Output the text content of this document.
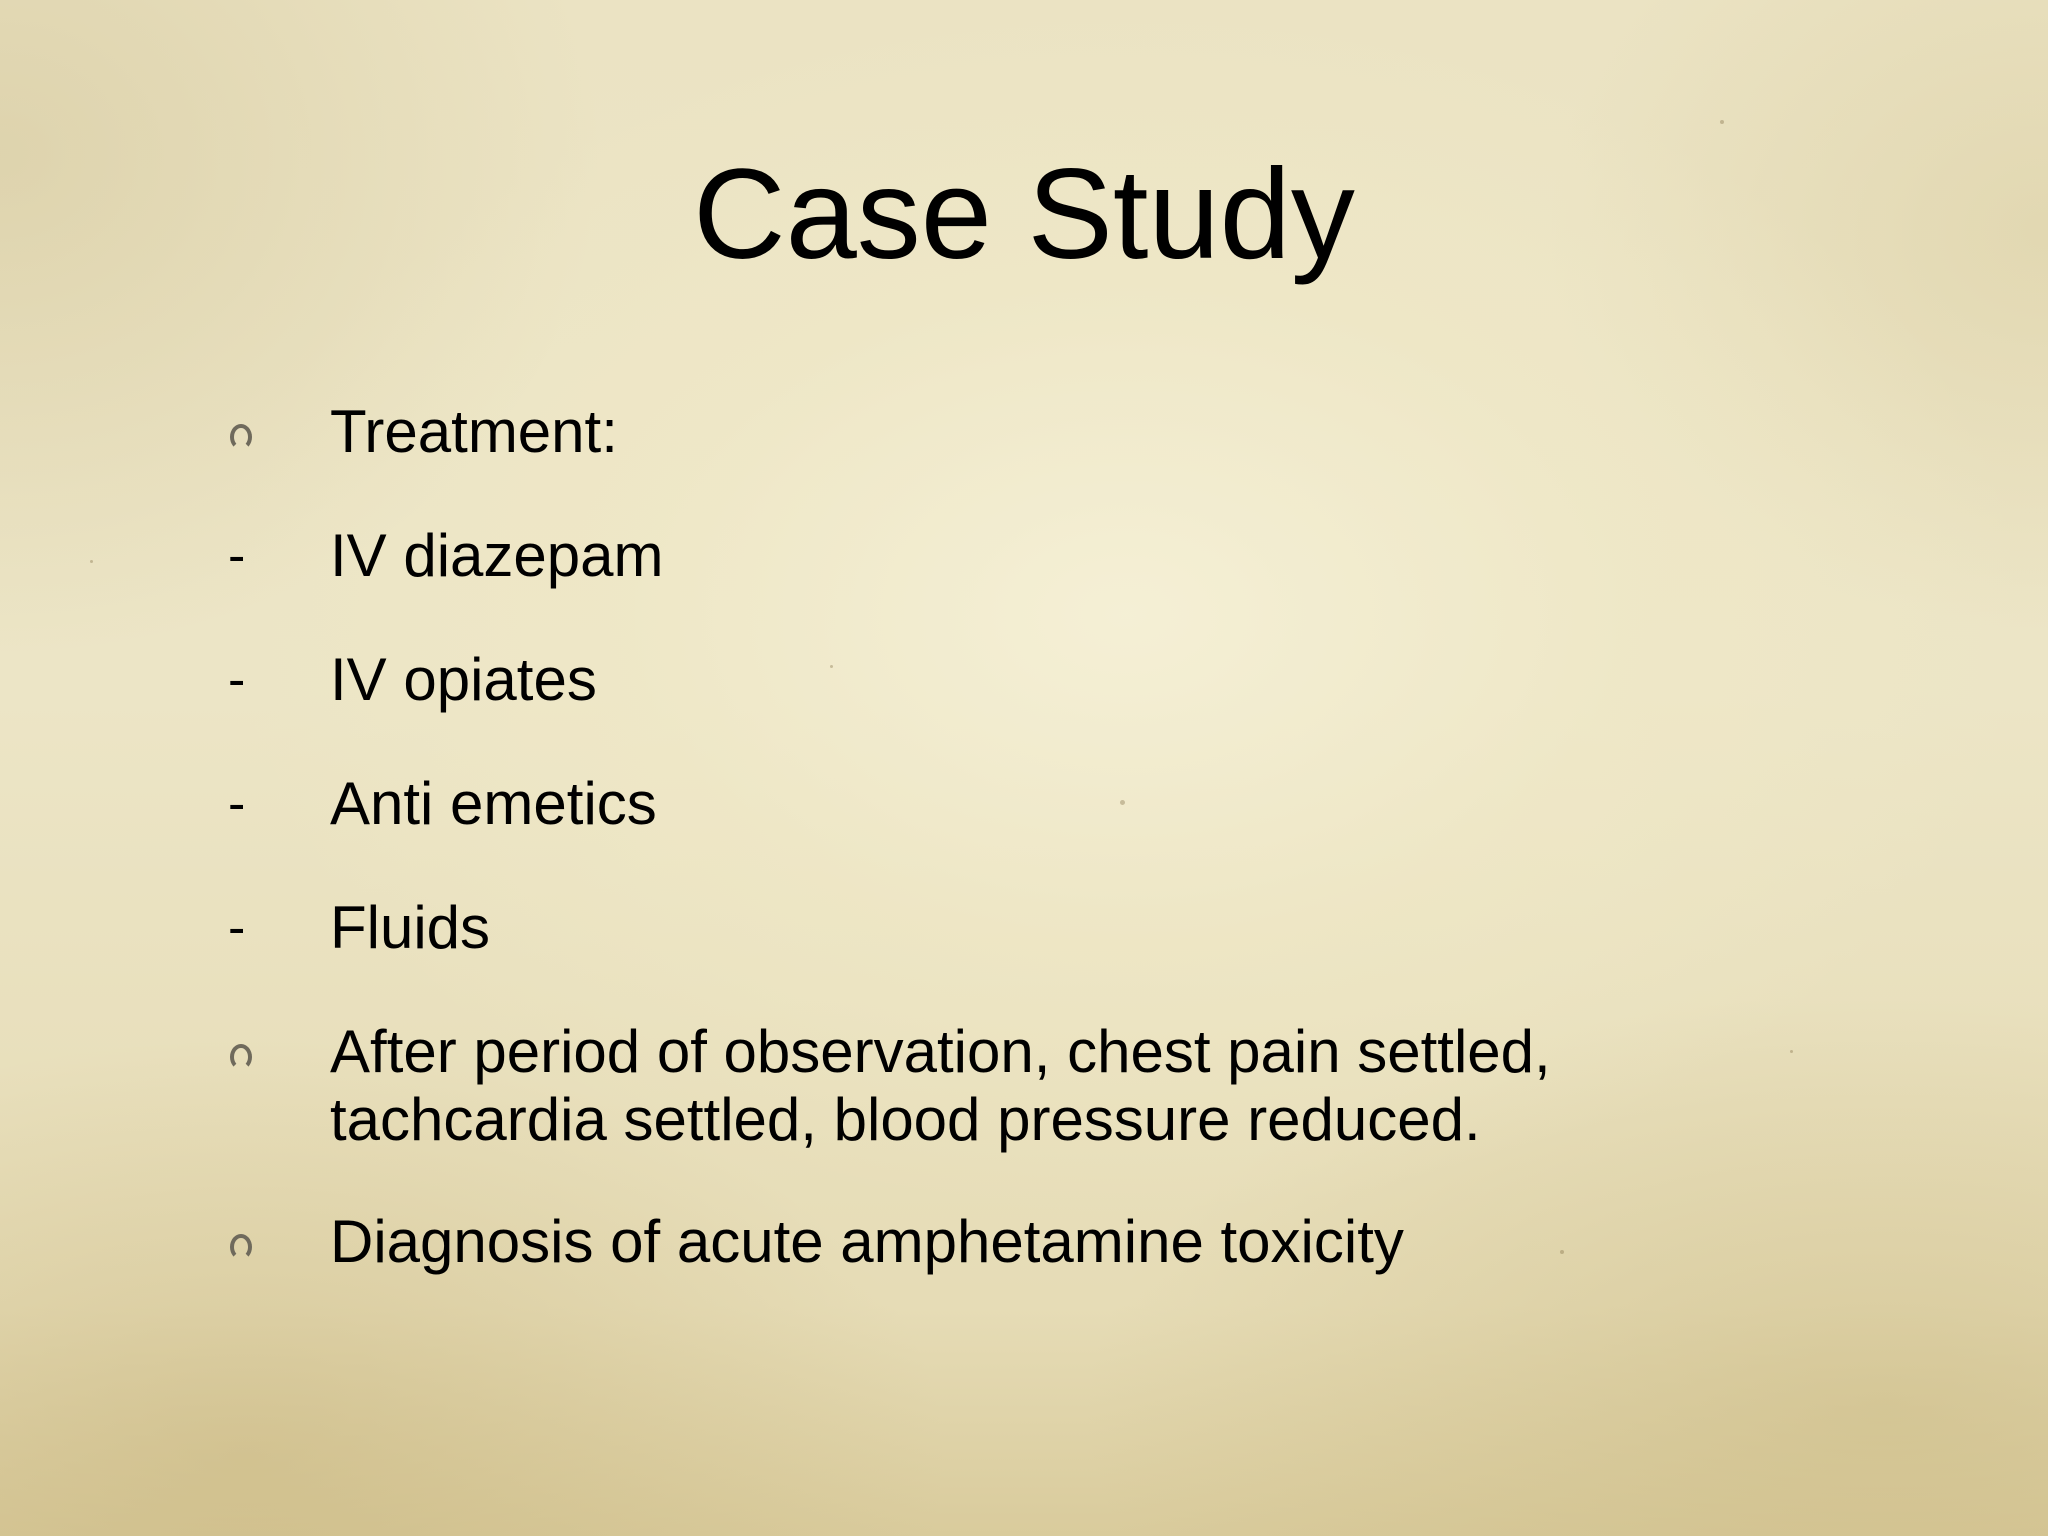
Case Study
Treatment:
- IV diazepam
- IV opiates
- Anti emetics
- Fluids
After period of observation, chest pain settled, tachcardia settled, blood pressure reduced.
Diagnosis of acute amphetamine toxicity
